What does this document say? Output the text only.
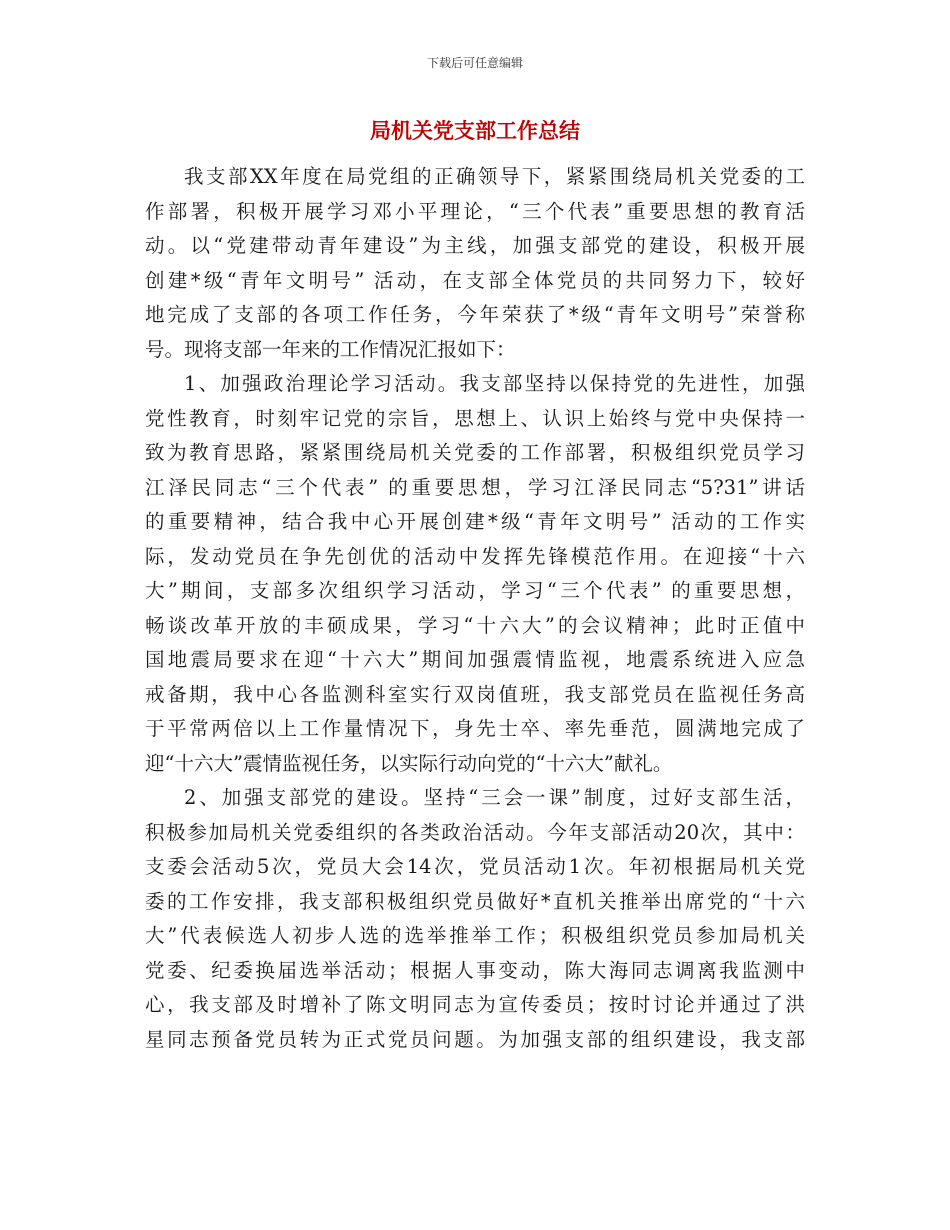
下载后可任意编辑
局机关党支部工作总结
我支部XX年度在局党组的正确领导下，紧紧围绕局机关党委的工
作部署，积极开展学习邓小平理论，“三个代表”重要思想的教育活
动。以“党建带动青年建设”为主线，加强支部党的建设，积极开展
创建*级“青年文明号” 活动，在支部全体党员的共同努力下，较好
地完成了支部的各项工作任务，今年荣获了*级“青年文明号”荣誉称
号。现将支部一年来的工作情况汇报如下：
1、加强政治理论学习活动。我支部坚持以保持党的先进性，加强
党性教育，时刻牢记党的宗旨，思想上、认识上始终与党中央保持一
致为教育思路，紧紧围绕局机关党委的工作部署，积极组织党员学习
江泽民同志“三个代表” 的重要思想，学习江泽民同志“5?31”讲话
的重要精神，结合我中心开展创建*级“青年文明号” 活动的工作实
际，发动党员在争先创优的活动中发挥先锋模范作用。在迎接“十六
大”期间，支部多次组织学习活动，学习“三个代表” 的重要思想，
畅谈改革开放的丰硕成果，学习“十六大”的会议精神；此时正值中
国地震局要求在迎“十六大”期间加强震情监视，地震系统进入应急
戒备期，我中心各监测科室实行双岗值班，我支部党员在监视任务高
于平常两倍以上工作量情况下，身先士卒、率先垂范，圆满地完成了
迎“十六大”震情监视任务，以实际行动向党的“十六大”献礼。
2、加强支部党的建设。坚持“三会一课”制度，过好支部生活，
积极参加局机关党委组织的各类政治活动。今年支部活动20次，其中：
支委会活动5次，党员大会14次，党员活动1次。年初根据局机关党
委的工作安排，我支部积极组织党员做好*直机关推举出席党的“十六
大”代表候选人初步人选的选举推举工作；积极组织党员参加局机关
党委、纪委换届选举活动；根据人事变动，陈大海同志调离我监测中
心，我支部及时增补了陈文明同志为宣传委员；按时讨论并通过了洪
星同志预备党员转为正式党员问题。为加强支部的组织建设，我支部
